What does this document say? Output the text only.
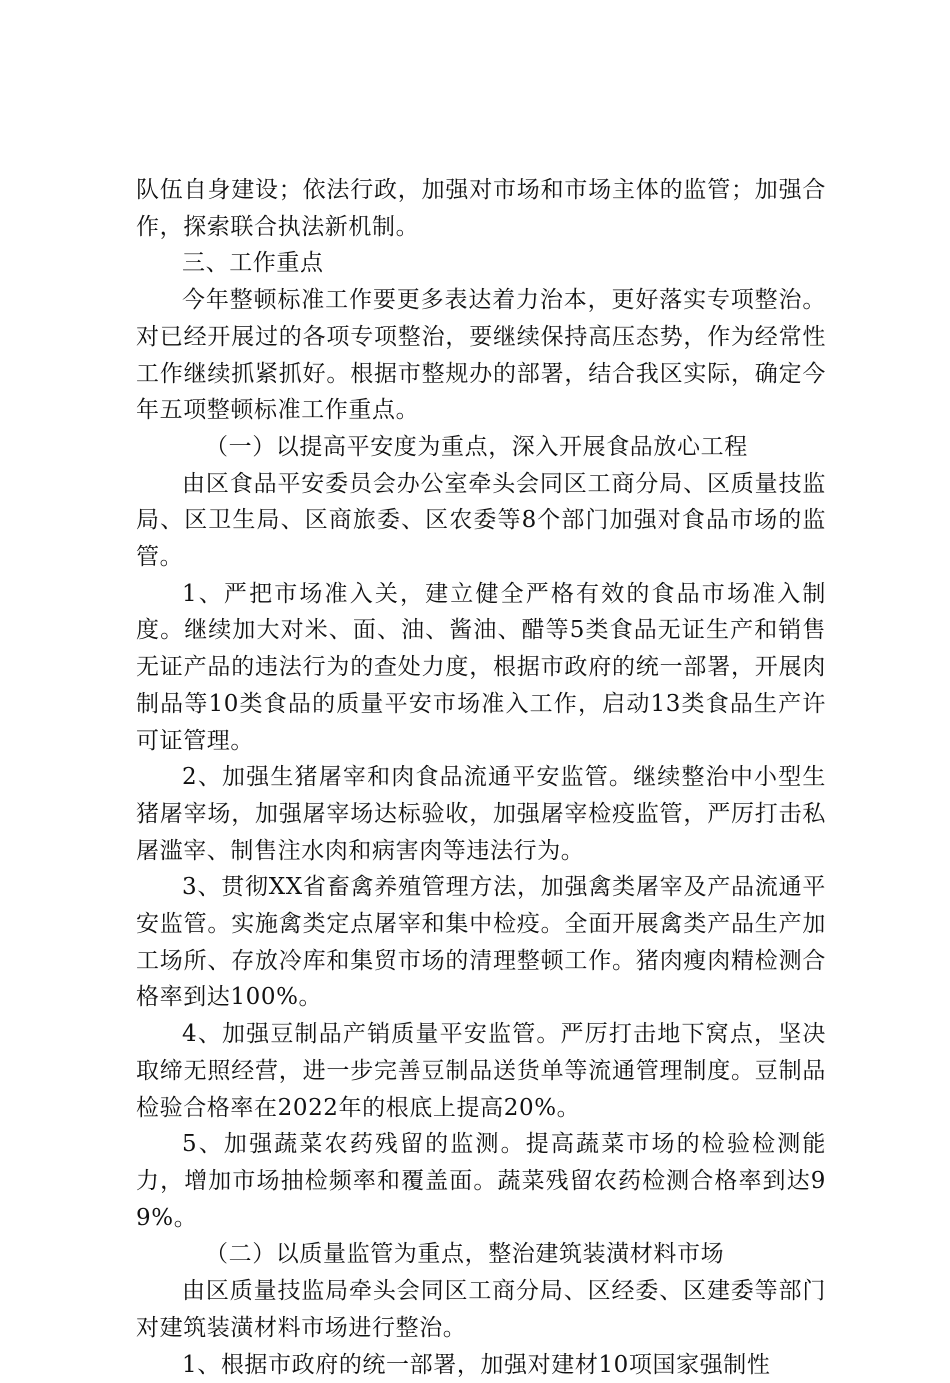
队伍自身建设；依法行政，加强对市场和市场主体的监管；加强合作，探索联合执法新机制。

三、工作重点

今年整顿标准工作要更多表达着力治本，更好落实专项整治。对已经开展过的各项专项整治，要继续保持高压态势，作为经常性工作继续抓紧抓好。根据市整规办的部署，结合我区实际，确定今年五项整顿标准工作重点。

（一）以提高平安度为重点，深入开展食品放心工程

由区食品平安委员会办公室牵头会同区工商分局、区质量技监局、区卫生局、区商旅委、区农委等8个部门加强对食品市场的监管。

1、严把市场准入关，建立健全严格有效的食品市场准入制度。继续加大对米、面、油、酱油、醋等5类食品无证生产和销售无证产品的违法行为的查处力度，根据市政府的统一部署，开展肉制品等10类食品的质量平安市场准入工作，启动13类食品生产许可证管理。

2、加强生猪屠宰和肉食品流通平安监管。继续整治中小型生猪屠宰场，加强屠宰场达标验收，加强屠宰检疫监管，严厉打击私屠滥宰、制售注水肉和病害肉等违法行为。

3、贯彻XX省畜禽养殖管理方法，加强禽类屠宰及产品流通平安监管。实施禽类定点屠宰和集中检疫。全面开展禽类产品生产加工场所、存放冷库和集贸市场的清理整顿工作。猪肉瘦肉精检测合格率到达100%。

4、加强豆制品产销质量平安监管。严厉打击地下窝点，坚决取缔无照经营，进一步完善豆制品送货单等流通管理制度。豆制品检验合格率在2022年的根底上提高20%。

5、加强蔬菜农药残留的监测。提高蔬菜市场的检验检测能力，增加市场抽检频率和覆盖面。蔬菜残留农药检测合格率到达99%。

（二）以质量监管为重点，整治建筑装潢材料市场

由区质量技监局牵头会同区工商分局、区经委、区建委等部门对建筑装潢材料市场进行整治。

1、根据市政府的统一部署，加强对建材10项国家强制性
